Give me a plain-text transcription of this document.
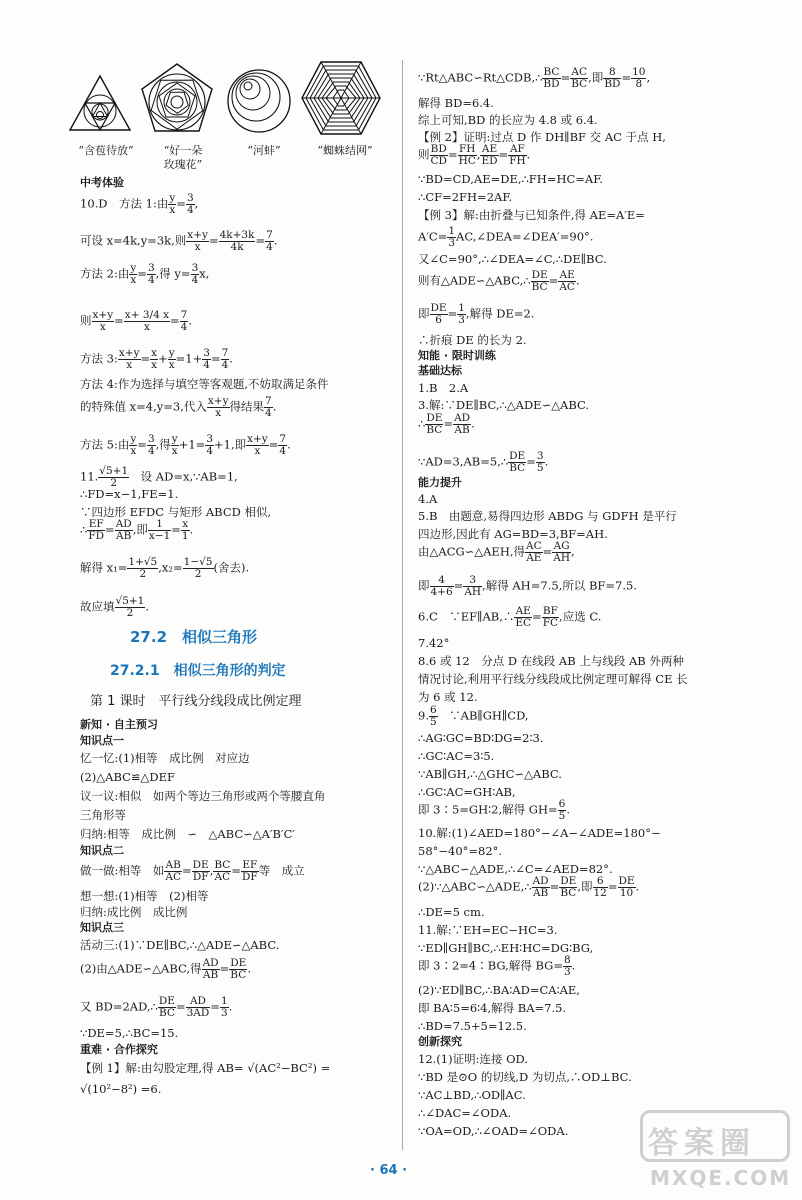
“含苞待放”	“好一朵
玫瑰花”
“河蚌”	“蜘蛛结网”
中考体验
10.D　方法 1:由 $\frac{y}{x} = \frac{3}{4}$ ,
可设 x=4k,y=3k,则 $\frac{x+y}{x} = \frac{4k+3k}{4k} = \frac{7}{4}$ .
方法 2:由 $\frac{y}{x} = \frac{3}{4}$ ,得 $y= \frac{3}{4} x$,
则 $\frac{x+y}{x} = \frac{x+ 3/4 x}{x} = \frac{7}{4}$ .
方法 3: $\frac{x+y}{x} = \frac{x}{x} + \frac{y}{x} =1+ \frac{3}{4} = \frac{7}{4}$ .
方法 4:作为选择与填空等客观题,不妨取满足条件
的特殊值 x=4,y=3,代入 $\frac{x+y}{x}$ 得结果 $\frac{7}{4}$ .
方法 5:由 $\frac{y}{x} = \frac{3}{4}$ ,得 $\frac{y}{x} +1= \frac{3}{4} +1$,即 $\frac{x+y}{x} = \frac{7}{4}$ .
11. $\frac{√5+1}{2}$ 　设 AD=x,∵AB=1,
∴FD=x−1,FE=1.
∵四边形 EFDC 与矩形 ABCD 相似,
∴ $\frac{EF}{FD} = \frac{AD}{AB}$ ,即 $\frac{1}{x-1} = \frac{x}{1}$ .
解得 $x_1= \frac{1+√5}{2} ,x_2= \frac{1-√5}{2}$ (舍去).
故应填 $\frac{√5+1}{2}$ .
27.2　相似三角形
27.2.1　相似三角形的判定
第 1 课时　平行线分线段成比例定理
新知 · 自主预习
知识点一
忆一忆:(1)相等　成比例　对应边
(2)△ABC≌△DEF
议一议:相似　如两个等边三角形或两个等腰直角
三角形等
归纳:相等　成比例　∽　△ABC∽△A′B′C′
知识点二
做一做:相等　如 $\frac{AB}{AC} = \frac{DE}{DF}$ , $\frac{BC}{AC} = \frac{EF}{DF}$ 等　成立
想一想:(1)相等　(2)相等
归纳:成比例　成比例
知识点三
活动三:(1)∵DE∥BC,∴△ADE∽△ABC.
(2)由△ADE∽△ABC,得 $\frac{AD}{AB} = \frac{DE}{BC}$ .
又 BD=2AD,∴ $\frac{DE}{BC} = \frac{AD}{3AD} = \frac{1}{3}$ .
∵DE=5,∴BC=15.
重难 · 合作探究
【例 1】解:由勾股定理,得 AB= √(AC²−BC²) =
√(10²−8²) =6.
∵Rt△ABC∽Rt△CDB,∴ $\frac{BC}{BD} = \frac{AC}{BC}$ ,即 $\frac{8}{BD} = \frac{10}{8}$ ,
解得 BD=6.4.
综上可知,BD 的长应为 4.8 或 6.4.
【例 2】证明:过点 D 作 DH∥BF 交 AC 于点 H,
则 $\frac{BD}{CD} = \frac{FH}{HC}$ , $\frac{AE}{ED} = \frac{AF}{FH}$ .
∵BD=CD,AE=DE,∴FH=HC=AF.
∴CF=2FH=2AF.
【例 3】解:由折叠与已知条件,得 AE=A′E=
$A'C= \frac{1}{3}$ AC,∠DEA=∠DEA′=90°.
又∠C=90°,∴∠DEA=∠C,∴DE∥BC.
则有△ADE∽△ABC,∴ $\frac{DE}{BC} = \frac{AE}{AC}$ .
即 $\frac{DE}{6} = \frac{1}{3}$ ,解得 DE=2.
∴折痕 DE 的长为 2.
知能 · 限时训练
基础达标
1.B　2.A
3.解:∵DE∥BC,∴△ADE∽△ABC.
∴ $\frac{DE}{BC} = \frac{AD}{AB}$ .
∵AD=3,AB=5,∴ $\frac{DE}{BC} = \frac{3}{5}$ .
能力提升
4.A
5.B　由题意,易得四边形 ABDG 与 GDFH 是平行
四边形,因此有 AG=BD=3,BF=AH.
由△ACG∽△AEH,得 $\frac{AC}{AE} = \frac{AG}{AH}$ ,
即 $\frac{4}{4+6} = \frac{3}{AH}$ ,解得 AH=7.5,所以 BF=7.5.
6.C　∵EF∥AB,∴ $\frac{AE}{EC} = \frac{BF}{FC}$ ,应选 C.
7.42°
8.6 或 12　分点 D 在线段 AB 上与线段 AB 外两种
情况讨论,利用平行线分线段成比例定理可解得 CE 长
为 6 或 12.
9. $\frac{6}{5}$ 　∵AB∥GH∥CD,
∴AG∶GC=BD∶DG=2∶3.
∴GC∶AC=3∶5.
∵AB∥GH,∴△GHC∽△ABC.
∴GC∶AC=GH∶AB,
即 3∶5=GH∶2,解得 $GH= \frac{6}{5}$ .
10.解:(1)∠AED=180°−∠A−∠ADE=180°−
58°−40°=82°.
∵△ABC∽△ADE,∴∠C=∠AED=82°.
(2)∵△ABC∽△ADE,∴ $\frac{AD}{AB} = \frac{DE}{BC}$ ,即 $\frac{6}{12} = \frac{DE}{10}$ .
∴DE=5 cm.
11.解:∵EH=EC−HC=3.
∵ED∥GH∥BC,∴EH∶HC=DG∶BG,
即 3∶2=4∶BG,解得 $BG= \frac{8}{3}$ .
(2)∵ED∥BC,∴BA∶AD=CA∶AE,
即 BA∶5=6∶4,解得 BA=7.5.
∴BD=7.5+5=12.5.
创新探究
12.(1)证明:连接 OD.
∵BD 是⊙O 的切线,D 为切点,∴OD⊥BC.
∵AC⊥BD,∴OD∥AC.
∴∠DAC=∠ODA.
∵OA=OD,∴∠OAD=∠ODA.
· 64 ·
答案圈
MXQE.COM
